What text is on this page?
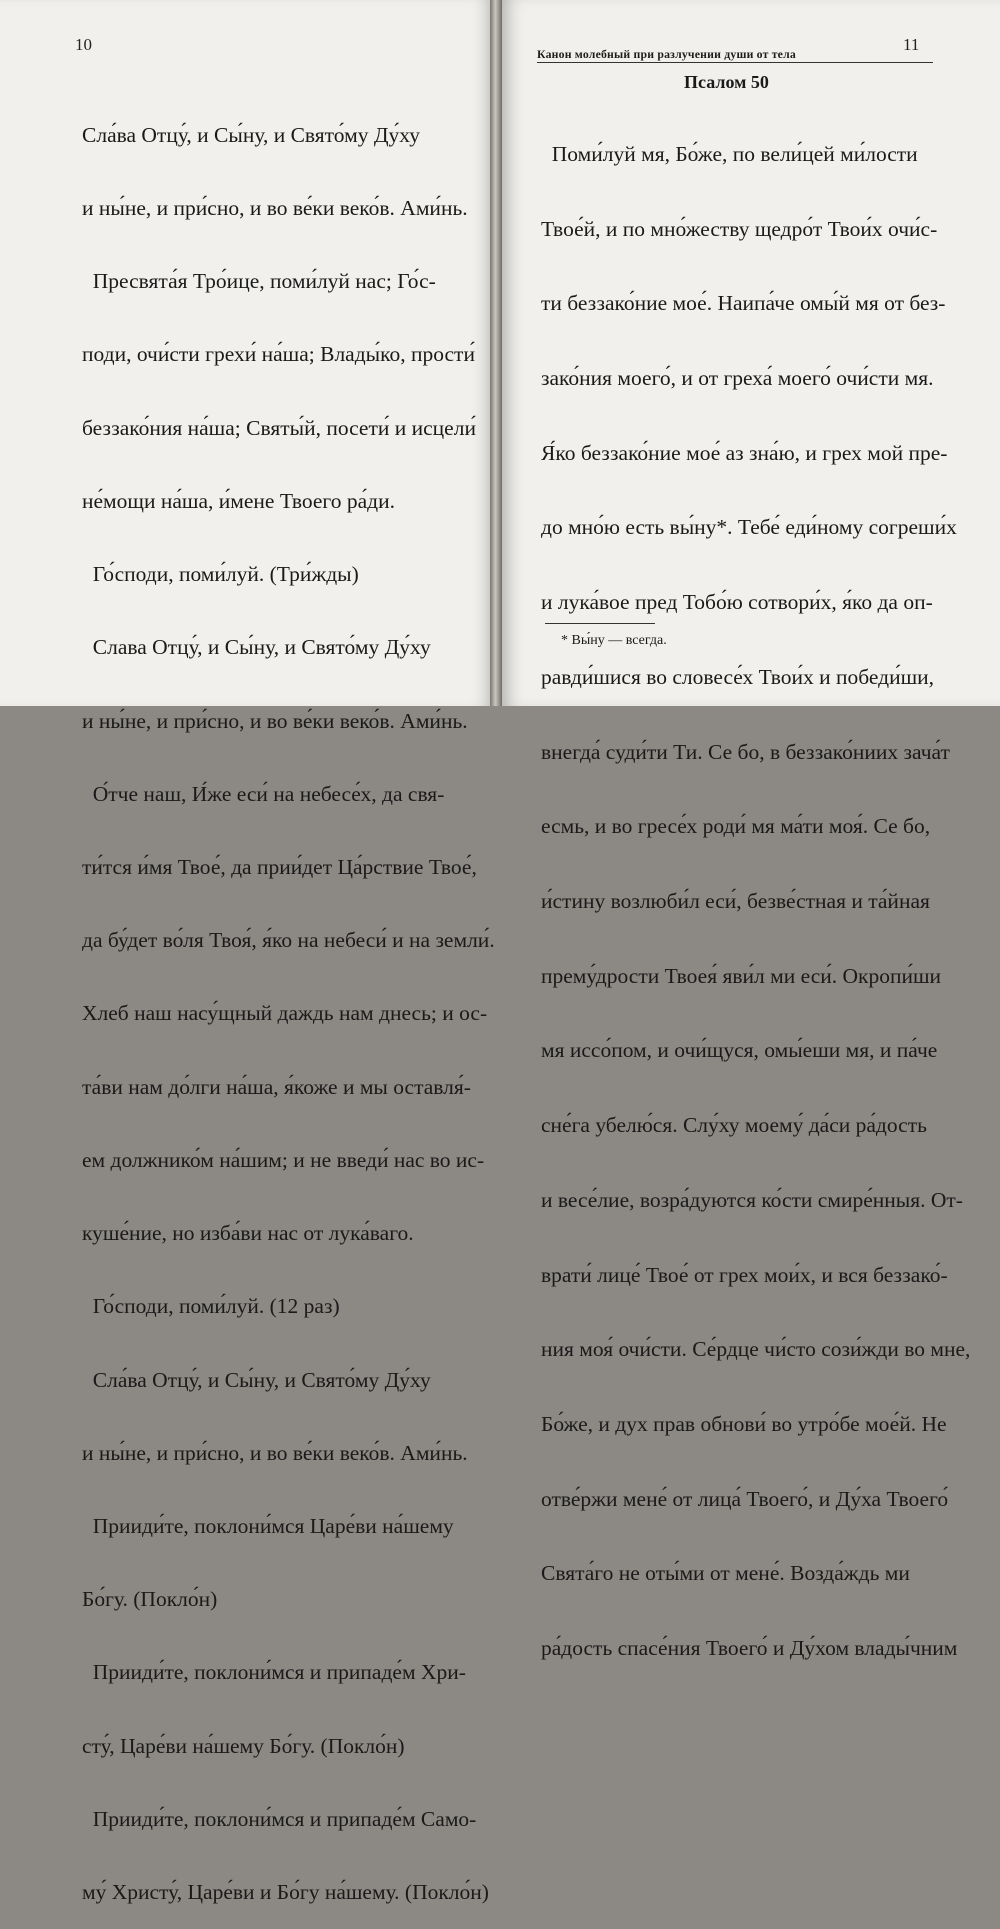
10

Сла́ва Отцу́, и Сы́ну, и Свято́му Ду́ху

и ны́не, и при́сно, и во ве́ки веко́в. Ами́нь.

Пресвята́я Тро́ице, поми́луй нас; Го́с-

поди, очи́сти грехи́ на́ша; Влады́ко, прости́

беззако́ния на́ша; Святы́й, посети́ и исцели́

не́мощи на́ша, и́мене Твоего ра́ди.

Го́споди, поми́луй. (Три́жды)

Слава Отцу́, и Сы́ну, и Свято́му Ду́ху

и ны́не, и при́сно, и во ве́ки веко́в. Ами́нь.

О́тче наш, И́же еси́ на небесе́х, да свя-

ти́тся и́мя Твое́, да прии́дет Ца́рствие Твое́,

да бу́дет во́ля Твоя́, я́ко на небеси́ и на земли́.

Хлеб наш насу́щный даждь нам днесь; и ос-

та́ви нам до́лги на́ша, я́коже и мы оставля́-

ем должнико́м на́шим; и не введи́ нас во ис-

куше́ние, но изба́ви нас от лука́ваго.

Го́споди, поми́луй. (12 раз)

Сла́ва Отцу́, и Сы́ну, и Свято́му Ду́ху

и ны́не, и при́сно, и во ве́ки веко́в. Ами́нь.

Прииди́те, поклони́мся Царе́ви на́шему

Бо́гу. (Покло́н)

Прииди́те, поклони́мся и припаде́м Хри-

сту́, Царе́ви на́шему Бо́гу. (Покло́н)

Прииди́те, поклони́мся и припаде́м Само-

му́ Христу́, Царе́ви и Бо́гу на́шему. (Покло́н)

Канон молебный при разлучении души от тела	11
Псалом 50

Поми́луй мя, Бо́же, по вели́цей ми́лости

Твое́й, и по мно́жеству щедро́т Твои́х очи́с-

ти беззако́ние мое́. Наипа́че омы́й мя от без-

зако́ния моего́, и от греха́ моего́ очи́сти мя.

Я́ко беззако́ние мое́ аз зна́ю, и грех мой пре-

до мно́ю есть вы́ну*. Тебе́ еди́ному согреши́х

и лука́вое пред Тобо́ю сотвори́х, я́ко да оп-

равди́шися во словесе́х Твои́х и победи́ши,

внегда́ суди́ти Ти. Се бо, в беззако́ниих зача́т

есмь, и во гресе́х роди́ мя ма́ти моя́. Се бо,

и́стину возлюби́л еси́, безве́стная и та́йная

прему́дрости Твоея́ яви́л ми еси́. Окропи́ши

мя иссо́пом, и очи́щуся, омы́еши мя, и па́че

сне́га убелю́ся. Слу́ху моему́ да́си ра́дость

и весе́лие, возра́дуются ко́сти смире́нныя. От-

врати́ лице́ Твое́ от грех мои́х, и вся беззако́-

ния моя́ очи́сти. Се́рдце чи́сто сози́жди во мне,

Бо́же, и дух прав обнови́ во утро́бе мое́й. Не

отве́ржи мене́ от лица́ Твоего́, и Ду́ха Твоего́

Свята́го не оты́ми от мене́. Возда́ждь ми

ра́дость спасе́ния Твоего́ и Ду́хом влады́чним

* Вы́ну — всегда.
